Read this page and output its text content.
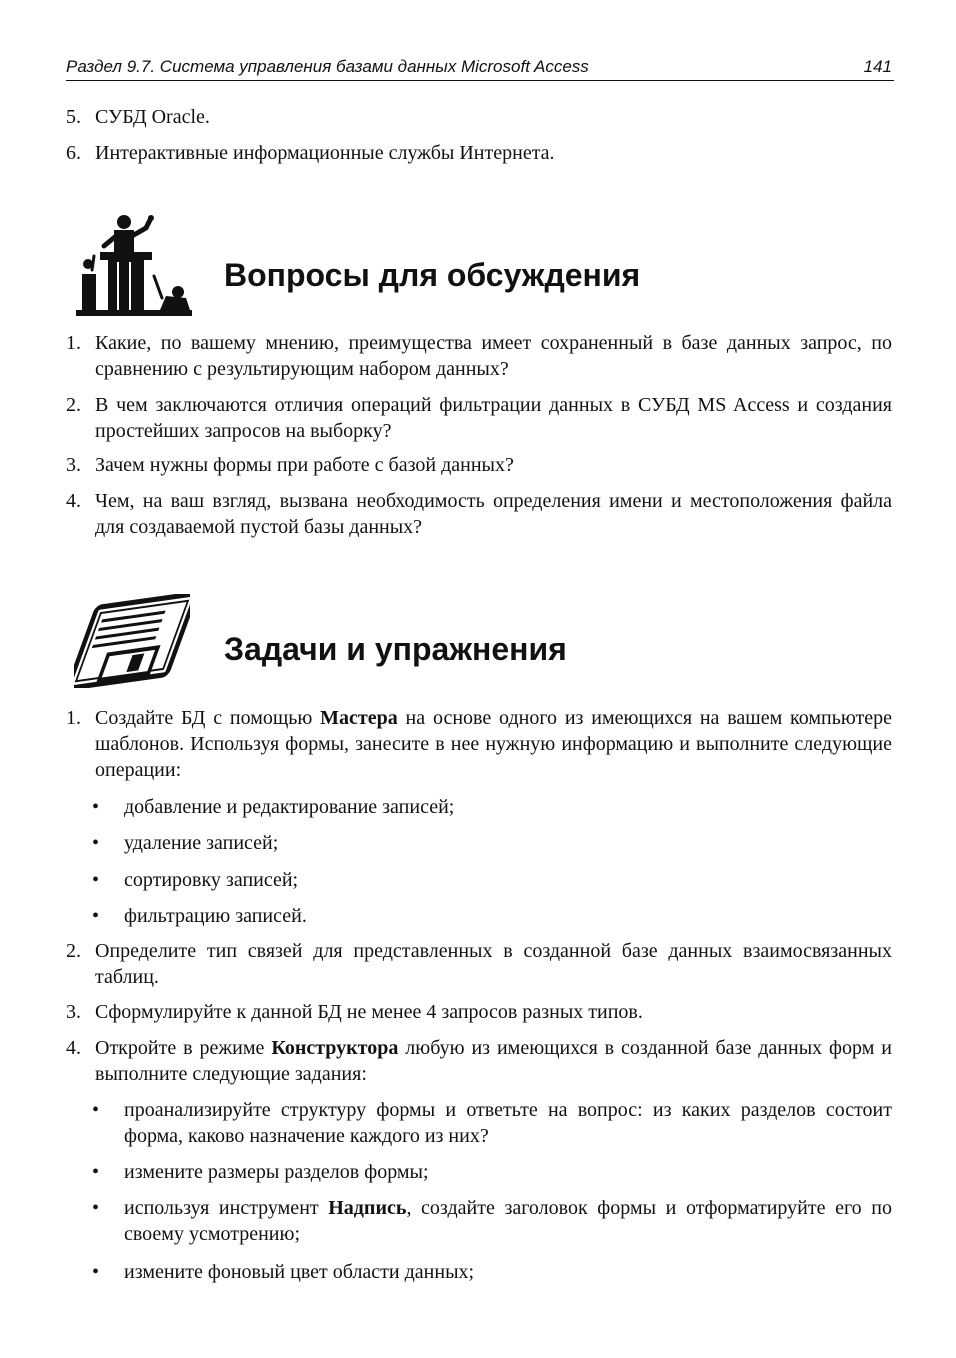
Раздел 9.7. Система управления базами данных Microsoft Access	141
5. СУБД Oracle.
6. Интерактивные информационные службы Интернета.
Вопросы для обсуждения
1. Какие, по вашему мнению, преимущества имеет сохраненный в базе данных запрос, по сравнению с результирующим набором данных?
2. В чем заключаются отличия операций фильтрации данных в СУБД MS Access и создания простейших запросов на выборку?
3. Зачем нужны формы при работе с базой данных?
4. Чем, на ваш взгляд, вызвана необходимость определения имени и местоположения файла для создаваемой пустой базы данных?
Задачи и упражнения
1. Создайте БД с помощью Мастера на основе одного из имеющихся на вашем компьютере шаблонов. Используя формы, занесите в нее нужную информацию и выполните следующие операции:
•	добавление и редактирование записей;
•	удаление записей;
•	сортировку записей;
•	фильтрацию записей.
2. Определите тип связей для представленных в созданной базе данных взаимосвязанных таблиц.
3. Сформулируйте к данной БД не менее 4 запросов разных типов.
4. Откройте в режиме Конструктора любую из имеющихся в созданной базе данных форм и выполните следующие задания:
•	проанализируйте структуру формы и ответьте на вопрос: из каких разделов состоит форма, каково назначение каждого из них?
•	измените размеры разделов формы;
•	используя инструмент Надпись, создайте заголовок формы и отформатируйте его по своему усмотрению;
•	измените фоновый цвет области данных;
